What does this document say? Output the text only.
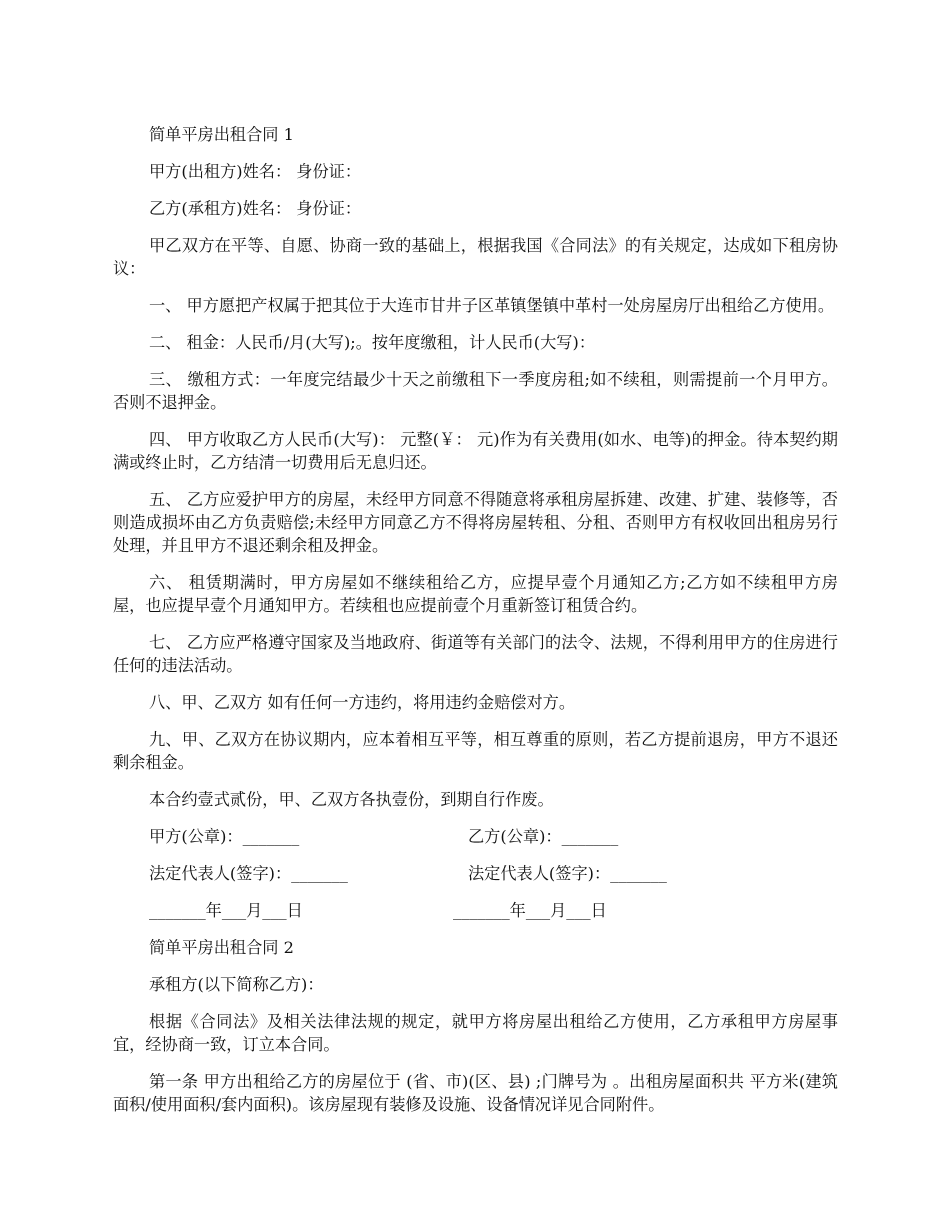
简单平房出租合同 1

甲方(出租方)姓名： 身份证：

乙方(承租方)姓名： 身份证：

甲乙双方在平等、自愿、协商一致的基础上，根据我国《合同法》的有关规定，达成如下租房协议：

一、 甲方愿把产权属于把其位于大连市甘井子区革镇堡镇中革村一处房屋房厅出租给乙方使用。

二、 租金：人民币/月(大写);。按年度缴租，计人民币(大写)：

三、 缴租方式：一年度完结最少十天之前缴租下一季度房租;如不续租，则需提前一个月甲方。否则不退押金。

四、 甲方收取乙方人民币(大写)： 元整(￥： 元)作为有关费用(如水、电等)的押金。待本契约期满或终止时，乙方结清一切费用后无息归还。

五、 乙方应爱护甲方的房屋，未经甲方同意不得随意将承租房屋拆建、改建、扩建、装修等，否则造成损坏由乙方负责赔偿;未经甲方同意乙方不得将房屋转租、分租、否则甲方有权收回出租房另行处理，并且甲方不退还剩余租及押金。

六、 租赁期满时，甲方房屋如不继续租给乙方，应提早壹个月通知乙方;乙方如不续租甲方房屋，也应提早壹个月通知甲方。若续租也应提前壹个月重新签订租赁合约。

七、 乙方应严格遵守国家及当地政府、街道等有关部门的法令、法规，不得利用甲方的住房进行任何的违法活动。

八、甲、乙双方 如有任何一方违约，将用违约金赔偿对方。

九、甲、乙双方在协议期内，应本着相互平等，相互尊重的原则，若乙方提前退房，甲方不退还剩余租金。

本合约壹式贰份，甲、乙双方各执壹份，到期自行作废。

甲方(公章)：_______	乙方(公章)：_______
法定代表人(签字)：_______	法定代表人(签字)：_______
_______年___月___日	_______年___月___日

简单平房出租合同 2

承租方(以下简称乙方)：

根据《合同法》及相关法律法规的规定，就甲方将房屋出租给乙方使用，乙方承租甲方房屋事宜，经协商一致，订立本合同。

第一条 甲方出租给乙方的房屋位于 (省、市)(区、县) ;门牌号为 。出租房屋面积共 平方米(建筑面积/使用面积/套内面积)。该房屋现有装修及设施、设备情况详见合同附件。
